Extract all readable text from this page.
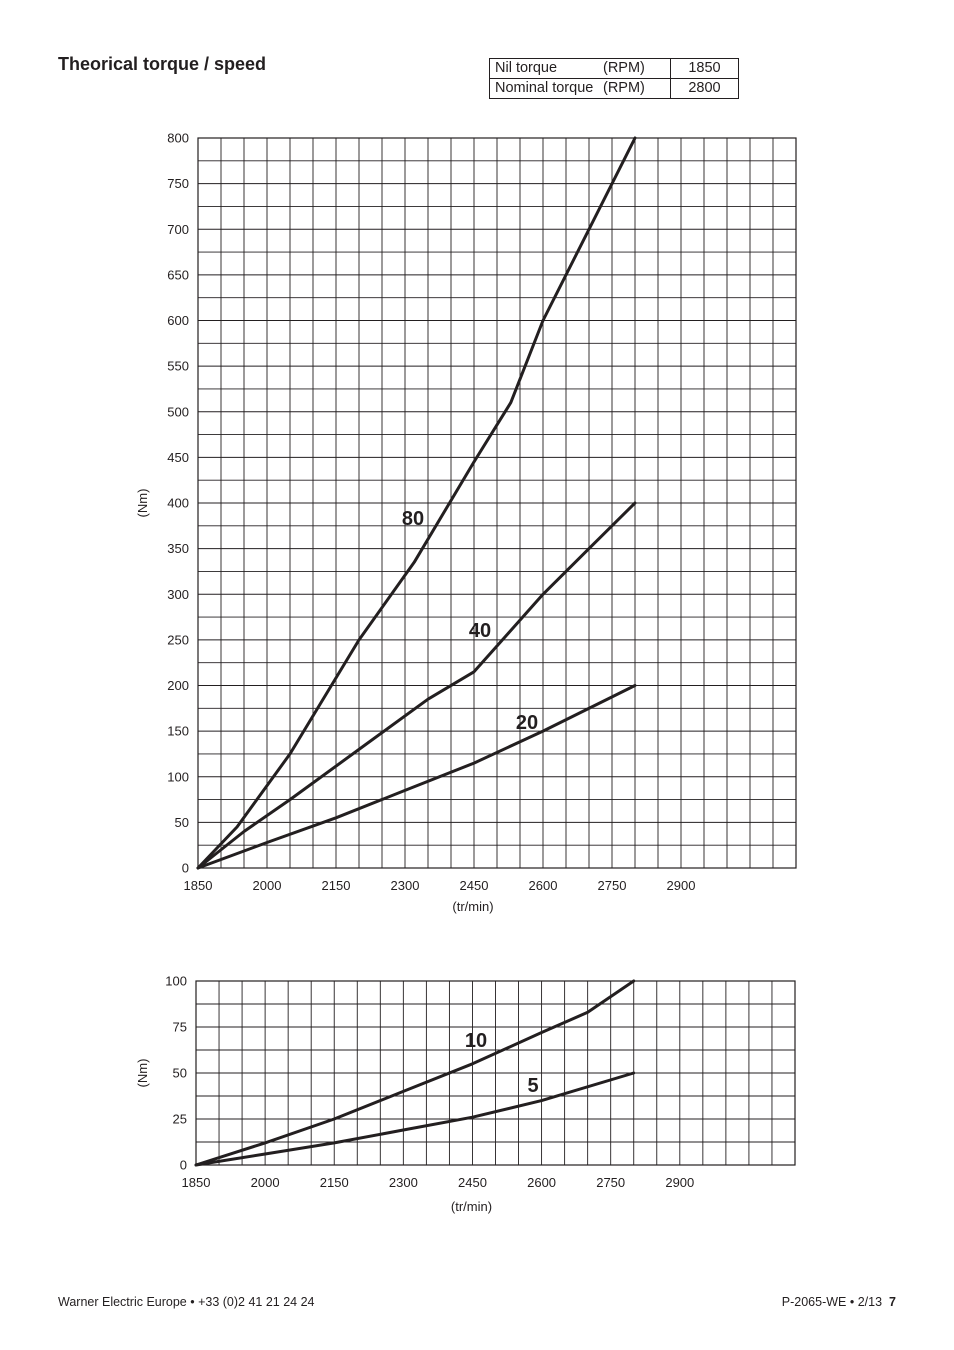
Theorical torque / speed	Nil torque (RPM)	1850
Nominal torque (RPM)	2800
0
50
100
150
200
250
300
350
400
450
500
550
600
650
700
750
800
1850	2000	2150	2300	2450	2600	2750	2900
(Nm)
(tr/min)
80
40
20
0
25
50
75
100
1850	2000	2150	2300	2450	2600	2750	2900
(Nm)
(tr/min)
10
5
Warner Electric Europe • +33 (0)2 41 21 24 24	P-2065-WE • 2/13 7
